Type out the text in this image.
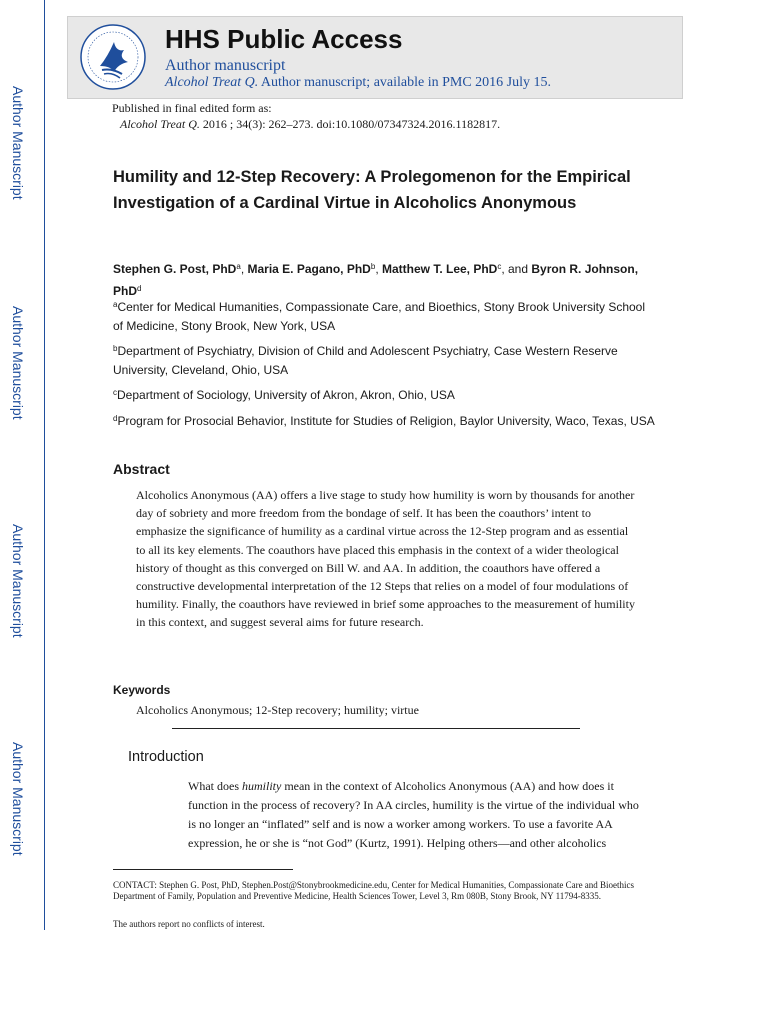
Author Manuscript
Author Manuscript
Author Manuscript
Author Manuscript
HHS Public Access
Author manuscript
Alcohol Treat Q. Author manuscript; available in PMC 2016 July 15.
Published in final edited form as:
Alcohol Treat Q. 2016 ; 34(3): 262–273. doi:10.1080/07347324.2016.1182817.
Humility and 12-Step Recovery: A Prolegomenon for the Empirical Investigation of a Cardinal Virtue in Alcoholics Anonymous
Stephen G. Post, PhD$^a$, Maria E. Pagano, PhD$^b$, Matthew T. Lee, PhD$^c$, and Byron R. Johnson, PhD$^d$
$^a$Center for Medical Humanities, Compassionate Care, and Bioethics, Stony Brook University School of Medicine, Stony Brook, New York, USA
$^b$Department of Psychiatry, Division of Child and Adolescent Psychiatry, Case Western Reserve University, Cleveland, Ohio, USA
$^c$Department of Sociology, University of Akron, Akron, Ohio, USA
$^d$Program for Prosocial Behavior, Institute for Studies of Religion, Baylor University, Waco, Texas, USA
Abstract
Alcoholics Anonymous (AA) offers a live stage to study how humility is worn by thousands for another day of sobriety and more freedom from the bondage of self. It has been the coauthors’ intent to emphasize the significance of humility as a cardinal virtue across the 12-Step program and as essential to all its key elements. The coauthors have placed this emphasis in the context of a wider theological history of thought as this converged on Bill W. and AA. In addition, the coauthors have offered a constructive developmental interpretation of the 12 Steps that relies on a model of four modulations of humility. Finally, the coauthors have reviewed in brief some approaches to the measurement of humility in this context, and suggest several aims for future research.
Keywords
Alcoholics Anonymous; 12-Step recovery; humility; virtue
Introduction
What does humility mean in the context of Alcoholics Anonymous (AA) and how does it function in the process of recovery? In AA circles, humility is the virtue of the individual who is no longer an “inflated” self and is now a worker among workers. To use a favorite AA expression, he or she is “not God” (Kurtz, 1991). Helping others—and other alcoholics
CONTACT: Stephen G. Post, PhD, Stephen.Post@Stonybrookmedicine.edu, Center for Medical Humanities, Compassionate Care and Bioethics Department of Family, Population and Preventive Medicine, Health Sciences Tower, Level 3, Rm 080B, Stony Brook, NY 11794-8335.
The authors report no conflicts of interest.
